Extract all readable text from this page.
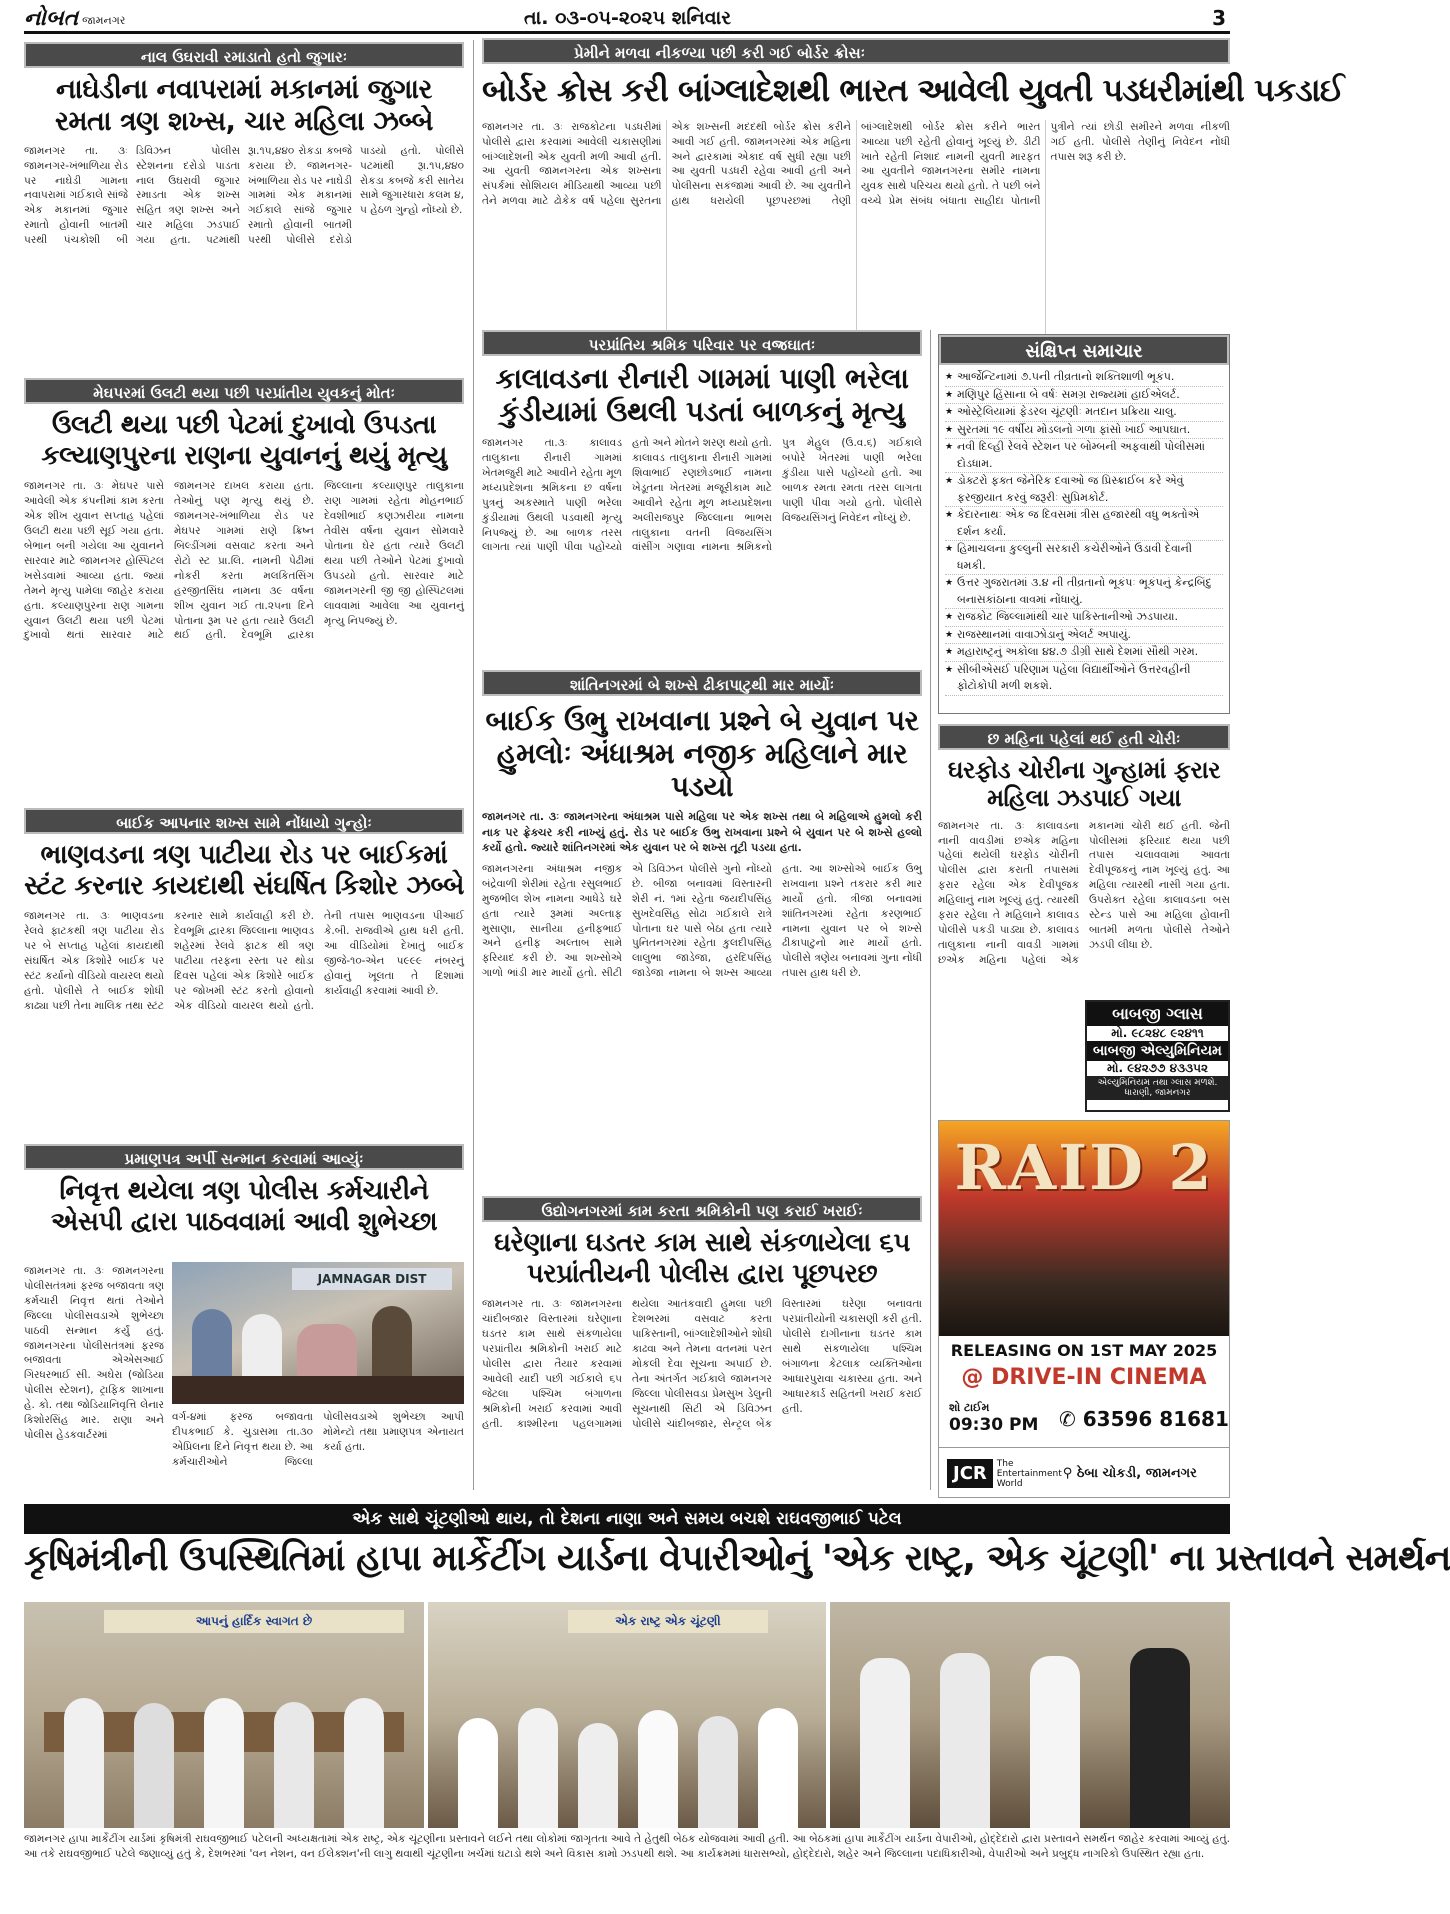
નોબત જામનગર	તા. ૦૩-૦૫-૨૦૨૫ શનિવાર	3
નાલ ઉઘરાવી રમાડાતો હતો જુગારઃ
નાઘેડીના નવાપરામાં મકાનમાં જુગાર રમતા ત્રણ શખ્સ, ચાર મહિલા ઝબ્બે
જામનગર તા. ૩ઃ જામનગર-ખંભાળિયા રોડ પર નાઘેડી ગામના નવાપરામાં ગઈકાલે સાંજે એક મકાનમાં જુગાર રમાતો હોવાની બાતમી પરથી પંચકોશી બી ડિવિઝન પોલીસ સ્ટેશનના દરોડો પાડતા નાલ ઉઘરાવી જુગાર રમાડતા એક શખ્સ સહિત ત્રણ શખ્સ અને ચાર મહિલા ઝડપાઈ ગયા હતા. પટમાંથી રૂા.૧૫,૪૪૦ રોકડા કબજે કરાયા છે. જામનગર-ખંભાળિયા રોડ પર નાઘેડી ગામમાં એક મકાનમાં ગઈકાલે સાંજે જુગાર રમાતો હોવાની બાતમી પરથી પોલીસે દરોડો પાડયો હતો. પોલીસે પટમાંથી રૂા.૧૫,૪૪૦ રોકડા કબજે કરી સાતેય સામે જુગારધારા કલમ ૪, ૫ હેઠળ ગુન્હો નોંધ્યો છે.
પ્રેમીને મળવા નીકળ્યા પછી કરી ગઈ બોર્ડર ક્રોસઃ
બોર્ડર ક્રોસ કરી બાંગ્લાદેશથી ભારત આવેલી યુવતી પડધરીમાંથી પકડાઈ
જામનગર તા. ૩ઃ રાજકોટના પડધરીમાં પોલીસે દ્વારા કરવામાં આવેલી ચકાસણીમાં બાંગ્લાદેશની એક યુવતી મળી આવી હતી. આ યુવતી જામનગરના એક શખ્સના સંપર્કમાં સોશિયલ મીડિયાથી આવ્યા પછી તેને મળવા માટે ઢોકેક વર્ષ પહેલા સુરતના એક શખ્સની મદદથી બોર્ડર ક્રોસ કરીને આવી ગઈ હતી. જામનગરમાં એક મહિના અને દ્વારકામાં એકાદ વર્ષ સુધી રહ્યા પછી આ યુવતી પડધરી રહેવા આવી હતી અને પોલીસના સકંજામાં આવી છે. આ યુવતીને હાથ ધરાયેલી પૂછપરછમાં તેણી બાંગ્લાદેશથી બોર્ડર ક્રોસ કરીને ભારત આવ્યા પછી રહેતી હોવાનું ખૂલ્યું છે. ડીટી ખાતે રહેતી નિશાદ નામની યુવતી મારફત આ યુવતીને જામનગરના સમીર નામના યુવક સાથે પરિચય થયો હતો. તે પછી બંને વચ્ચે પ્રેમ સંબંધ બંધાતા સાહીદા પોતાની પુત્રીને ત્યાં છોડી સમીરને મળવા નીકળી ગઈ હતી. પોલીસે તેણીનું નિવેદન નોંધી તપાસ શરૂ કરી છે.
મેઘપરમાં ઉલટી થયા પછી પરપ્રાંતીય યુવકનું મોતઃ
ઉલટી થયા પછી પેટમાં દુખાવો ઉપડતા કલ્યાણપુરના રાણના યુવાનનું થયું મૃત્યુ
જામનગર તા. ૩ઃ મેઘપર પાસે આવેલી એક કંપનીમાં કામ કરતા એક શીખ યુવાન સપ્તાહ પહેલાં ઉલટી થયા પછી સૂઈ ગયા હતા. બેભાન બની ગયેલા આ યુવાનને સારવાર માટે જામનગર હોસ્પિટલ ખસેડવામાં આવ્યા હતા. જ્યાં તેમને મૃત્યુ પામેલા જાહેર કરાયા હતા. કલ્યાણપુરના રાણ ગામના યુવાન ઉલટી થયા પછી પેટમાં દુખાવો થતાં સારવાર માટે જામનગર દાખલ કરાયા હતા. તેઓનું પણ મૃત્યુ થયું છે. જામનગર-ખંભાળિયા રોડ પર મેઘપર ગામમાં રાણે ક્રિષ્ન બિલ્ડીંગમાં વસવાટ કરતા અને રોટો સ્ટ પ્રા.લિ. નામની પેઢીમાં નોકરી કરતા મલકિતસિંગ હરજીતસિંઘ નામના ૩૯ વર્ષના શીખ યુવાન ગઈ તા.૨૫ના દિને પોતાના રૂમ પર હતા ત્યારે ઉલટી થઈ હતી. દેવભૂમિ દ્વારકા જિલ્લાના કલ્યાણપુર તાલુકાના રાણ ગામમાં રહેતા મોહનભાઈ દેવશીભાઈ કણઝારીયા નામના તેવીસ વર્ષના યુવાન સોમવારે પોતાના ઘેર હતા ત્યારે ઉલટી થયા પછી તેઓને પેટમાં દુખાવો ઉપડયો હતો. સારવાર માટે જામનગરની જી જી હોસ્પિટલમાં લાવવામાં આવેલા આ યુવાનનું મૃત્યુ નિપજ્યું છે.
પરપ્રાંતિય શ્રમિક પરિવાર પર વજ્રઘાતઃ
કાલાવડના રીનારી ગામમાં પાણી ભરેલા કુંડીયામાં ઉથલી પડતાં બાળકનું મૃત્યુ
જામનગર તા.૩ઃ કાલાવડ તાલુકાના રીનારી ગામમાં ખેતમજુરી માટે આવીને રહેતા મૂળ મધ્યપ્રદેશના શ્રમિકના છ વર્ષના પુત્રનું અકસ્માતે પાણી ભરેલા કુંડીયામાં ઉથલી પડવાથી મૃત્યુ નિપજ્યું છે. આ બાળક તરસ લાગતા ત્યાં પાણી પીવા પહોંચ્યો હતો અને મોતને શરણ થયો હતો. કાલાવડ તાલુકાના રીનારી ગામમાં શિવાભાઈ રણછોડભાઈ નામના ખેડૂતના ખેતરમાં મજૂરીકામ માટે આવીને રહેતા મૂળ મધ્યપ્રદેશના અલીરાજપુર જિલ્લાના ભાભરા તાલુકાના વતની વિજયસિંગ વાંસીંગ ગણાવા નામના શ્રમિકનો પુત્ર મેહુલ (ઉ.વ.૬) ગઈકાલે બપોરે ખેતરમાં પાણી ભરેલા કુંડીયા પાસે પહોંચ્યો હતો. આ બાળક રમતા રમતા તરસ લાગતા પાણી પીવા ગયો હતો. પોલીસે વિજયસિંગનું નિવેદન નોંધ્યું છે.
સંક્ષિપ્ત સમાચાર
★ આર્જેન્ટિનામાં ૭.૫ની તીવ્રતાનો શક્તિશાળી ભૂકંપ.
★ મણિપુર હિંસાના બે વર્ષઃ સમગ્ર રાજ્યમાં હાઈએલર્ટ.
★ ઓસ્ટ્રેલિયામાં ફેડરલ ચૂંટણીઃ મતદાન પ્રક્રિયા ચાલુ.
★ સુરતમાં ૧૯ વર્ષીય મોડલનો ગળા ફાંસો ખાઈ આપઘાત.
★ નવી દિલ્હી રેલવે સ્ટેશન પર બોમ્બની અફવાથી પોલીસમાં દોડધામ.
★ ડોક્ટરો ફક્ત જેનેરિક દવાઓ જ પ્રિસ્ક્રાઈબ કરે એવું ફરજીયાત કરવું જરૂરીઃ સુપ્રિમકોર્ટ.
★ કેદારનાથઃ એક જ દિવસમાં ત્રીસ હજારથી વધુ ભક્તોએ દર્શન કર્યા.
★ હિમાચલના કુલ્લુની સરકારી કચેરીઓને ઉડાવી દેવાની ધમકી.
★ ઉત્તર ગુજરાતમાં ૩.૪ ની તીવ્રતાનો ભૂકંપઃ ભૂકંપનું કેન્દ્રબિંદુ બનાસકાંઠાના વાવમાં નોંધાયું.
★ રાજકોટ જિલ્લામાંથી ચાર પાકિસ્તાનીઓ ઝડપાયા.
★ રાજસ્થાનમાં વાવાઝોડાનું એલર્ટ અપાયું.
★ મહારાષ્ટ્રનું અકોલા ૪૪.૭ ડીગ્રી સાથે દેશમાં સૌથી ગરમ.
★ સીબીએસઈ પરિણામ પહેલા વિદ્યાર્થીઓને ઉત્તરવહીની ફોટોકોપી મળી શકશે.
શાંતિનગરમાં બે શખ્સે ઢીકાપાટુથી માર માર્યોઃ
બાઈક ઉભુ રાખવાના પ્રશ્ને બે યુવાન પર હુમલોઃ અંધાશ્રમ નજીક મહિલાને માર પડયો
જામનગર તા. ૩ઃ જામનગરના અંધાશ્રમ પાસે મહિલા પર એક શખ્સ તથા બે મહિલાએ હુમલો કરી નાક પર ફ્રેક્ચર કરી નાખ્યું હતું. રોડ પર બાઈક ઉભુ રાખવાના પ્રશ્ને બે યુવાન પર બે શખ્સે હલ્લો કર્યો હતો. જ્યારે શાંતિનગરમાં એક યુવાન પર બે શખ્સ તૂટી પડયા હતા.
જામનગરના અંધાશ્રમ નજીક બંદ્રેવાળી શેરીમાં રહેતા રસુલભાઈ મુજભીલ શેખ નામના આધેડે ઘરે હતા ત્યારે રૂમમાં અલ્તાફ મુસાણા, સાનીયા હનીફભાઈ અને હનીફ અલ્તાબ સામે ફરિયાદ કરી છે. આ શખ્સોએ ગાળો ભાંડી માર માર્યો હતો. સીટી એ ડિવિઝન પોલીસે ગુનો નોંધ્યો છે. બીજા બનાવમાં વિસ્તારની શેરી નં. ૧માં રહેતા જયદીપસિંહ સુખદેવસિંહ સોઢા ગઈકાલે રાત્રે પોતાના ઘર પાસે બેઠા હતા ત્યારે પુનિતનગરમાં રહેતા કુલદીપસિંહ લાલુભા જાડેજા, હરદિપસિંહ જાડેજા નામના બે શખ્સ આવ્યા હતા. આ શખ્સોએ બાઈક ઉભુ રાખવાના પ્રશ્ને તકરાર કરી માર માર્યો હતો. ત્રીજા બનાવમાં શાંતિનગરમાં રહેતા કરણભાઈ નામના યુવાન પર બે શખ્સે ઢીકાપાટુનો માર માર્યો હતો. પોલીસે ત્રણેય બનાવમાં ગુના નોંધી તપાસ હાથ ધરી છે.
છ મહિના પહેલાં થઈ હતી ચોરીઃ
ઘરફોડ ચોરીના ગુન્હામાં ફરાર મહિલા ઝડપાઈ ગયા
જામનગર તા. ૩ઃ કાલાવડના નાની વાવડીમાં છએક મહિના પહેલાં થયેલી ઘરફોડ ચોરીની પોલીસ દ્વારા કરાતી તપાસમાં ફરાર રહેલા એક દેવીપૂજક મહિલાનું નામ ખૂલ્યું હતું. ત્યારથી ફરાર રહેલા તે મહિલાને કાલાવડ પોલીસે પકડી પાડ્યા છે. કાલાવડ તાલુકાના નાની વાવડી ગામમાં છએક મહિના પહેલાં એક મકાનમાં ચોરી થઈ હતી. જેની પોલીસમાં ફરિયાદ થયા પછી તપાસ ચલાવવામાં આવતા દેવીપૂજકનું નામ ખૂલ્યું હતું. આ મહિલા ત્યારથી નાસી ગયા હતા. ઉપરોક્ત રહેલા કાલાવડના બસ સ્ટેન્ડ પાસે આ મહિલા હોવાની બાતમી મળતા પોલીસે તેઓને ઝડપી લીધા છે.
બાબજી ગ્લાસ
મો. ૯૮૨૪૮ ૯૨૪૧૧
બાબજી એલ્યુમિનિયમ
મો. ૯૪૨૭૭ ૪૩૩૫૨
એલ્યુમિનિયમ તથા ગ્લાસ મળશે. ધારાણી, જામનગર
બાઈક આપનાર શખ્સ સામે નોંધાયો ગુન્હોઃ
ભાણવડના ત્રણ પાટીયા રોડ પર બાઈકમાં સ્ટંટ કરનાર કાયદાથી સંઘર્ષિત કિશોર ઝબ્બે
જામનગર તા. ૩ઃ ભાણવડના રેલવે ફાટકથી ત્રણ પાટીયા રોડ પર બે સપ્તાહ પહેલાં કાયદાથી સંઘર્ષિત એક કિશોરે બાઈક પર સ્ટંટ કર્યાનો વીડિયો વાયરલ થયો હતો. પોલીસે તે બાઈક શોધી કાઢ્યા પછી તેના માલિક તથા સ્ટંટ કરનાર સામે કાર્યવાહી કરી છે. દેવભૂમિ દ્વારકા જિલ્લાના ભાણવડ શહેરમાં રેલવે ફાટક થી ત્રણ પાટીયા તરફના રસ્તા પર થોડા દિવસ પહેલાં એક કિશોરે બાઈક પર જોખમી સ્ટંટ કરતો હોવાનો એક વીડિયો વાયરલ થયો હતો. તેની તપાસ ભાણવડના પીઆઈ કે.બી. રાજવીએ હાથ ધરી હતી. આ વીડિયોમાં દેખાતું બાઈક જીજે-૧૦-એન પ૯૯૯ નંબરનું હોવાનું ખૂલતા તે દિશામાં કાર્યવાહી કરવામાં આવી છે.
પ્રમાણપત્ર અર્પી સન્માન કરવામાં આવ્યુંઃ
નિવૃત્ત થયેલા ત્રણ પોલીસ કર્મચારીને એસપી દ્વારા પાઠવવામાં આવી શુભેચ્છા
જામનગર તા. ૩ઃ જામનગરના પોલીસતંત્રમાં ફરજ બજાવતા ત્રણ કર્મચારી નિવૃત્ત થતાં તેઓને જિલ્લા પોલીસવડાએ શુભેચ્છા પાઠવી સન્માન કર્યું હતું. જામનગરના પોલીસતંત્રમાં ફરજ બજાવતા એએસઆઈ ગિરધરભાઈ સી. અઘેરા (જોડિયા પોલીસ સ્ટેશન), ટ્રાફિક શાખાના હે. કો. તથા જોડિયાનિવૃત્તિ લેનાર કિશોરસિંહ માર. રાણા અને પોલીસ હેડકવાર્ટરમાં
JAMNAGAR DIST
વર્ગ-૪માં ફરજ બજાવતા દીપકભાઈ કે. ચુડાસમા તા.૩૦ એપ્રિલના દિને નિવૃત્ત થયા છે. આ કર્મચારીઓને જિલ્લા પોલીસવડાએ શુભેચ્છા આપી મોમેન્ટો તથા પ્રમાણપત્ર એનાયત કર્યા હતા.
ઉદ્યોગનગરમાં કામ કરતા શ્રમિકોની પણ કરાઈ ખરાઈઃ
ઘરેણાના ઘડતર કામ સાથે સંકળાયેલા ૬૫ પરપ્રાંતીયની પોલીસ દ્વારા પૂછપરછ
જામનગર તા. ૩ઃ જામનગરના ચાંદીબજાર વિસ્તારમાં ઘરેણાના ઘડતર કામ સાથે સંકળાયેલા પરપ્રાંતીય શ્રમિકોની ખરાઈ માટે પોલીસ દ્વારા તૈયાર કરવામાં આવેલી યાદી પછી ગઈકાલે ૬૫ જેટલા પશ્ચિમ બંગાળના શ્રમિકોની ખરાઈ કરવામાં આવી હતી. કાશ્મીરના પહલગામમાં થયેલા આતંકવાદી હુમલા પછી દેશભરમાં વસવાટ કરતા પાકિસ્તાની, બાંગ્લાદેશીઓને શોધી કાઢવા અને તેમના વતનમાં પરત મોકલી દેવા સૂચના અપાઈ છે. તેના અંતર્ગત ગઈકાલે જામનગર જિલ્લા પોલીસવડા પ્રેમસુખ ડેલુની સૂચનાથી સિટી એ ડિવિઝન પોલીસે ચાંદીબજાર, સેન્ટ્રલ બેંક વિસ્તારમાં ઘરેણા બનાવતા પરપ્રાંતીયોની ચકાસણી કરી હતી. પોલીસે દાગીનાના ઘડતર કામ સાથે સંકળાયેલા પશ્ચિમ બંગાળના કેટલાક વ્યક્તિઓના આધારપુરાવા ચકાસ્યા હતા. અને આધારકાર્ડ સહિતની ખરાઈ કરાઈ હતી.
RAID 2
RELEASING ON 1ST MAY 2025
@ DRIVE-IN CINEMA
શો ટાઈમ
09:30 PM ✆ 63596 81681
JCR	The Entertainment World
⚲ ઠેબા ચોકડી, જામનગર
એક સાથે ચૂંટણીઓ થાય, તો દેશના નાણા અને સમય બચશે રાઘવજીભાઈ પટેલ
કૃષિમંત્રીની ઉપસ્થિતિમાં હાપા માર્કેટીંગ યાર્ડના વેપારીઓનું 'એક રાષ્ટ્ર, એક ચૂંટણી' ના પ્રસ્તાવને સમર્થન
આપનું હાર્દિક સ્વાગત છે	એક રાષ્ટ્ર એક ચૂંટણી
જામનગર હાપા માર્કેટીંગ યાર્ડમાં કૃષિમંત્રી રાઘવજીભાઈ પટેલની અધ્યક્ષતામાં એક રાષ્ટ્ર, એક ચૂંટણીના પ્રસ્તાવને લઈને તથા લોકોમાં જાગૃતતા આવે તે હેતુથી બેઠક યોજવામાં આવી હતી. આ બેઠકમાં હાપા માર્કેટીંગ યાર્ડના વેપારીઓ, હોદ્દેદારો દ્વારા પ્રસ્તાવને સમર્થન જાહેર કરવામાં આવ્યું હતું. આ તકે રાઘવજીભાઈ પટેલે જણાવ્યું હતું કે, દેશભરમાં 'વન નેશન, વન ઈલેક્શન'ની લાગુ થવાથી ચૂંટણીના ખર્ચમાં ઘટાડો થશે અને વિકાસ કામો ઝડપથી થશે. આ કાર્યક્રમમાં ધારાસભ્યો, હોદ્દેદારો, શહેર અને જિલ્લાના પદાધિકારીઓ, વેપારીઓ અને પ્રબુદ્ધ નાગરિકો ઉપસ્થિત રહ્યા હતા.
